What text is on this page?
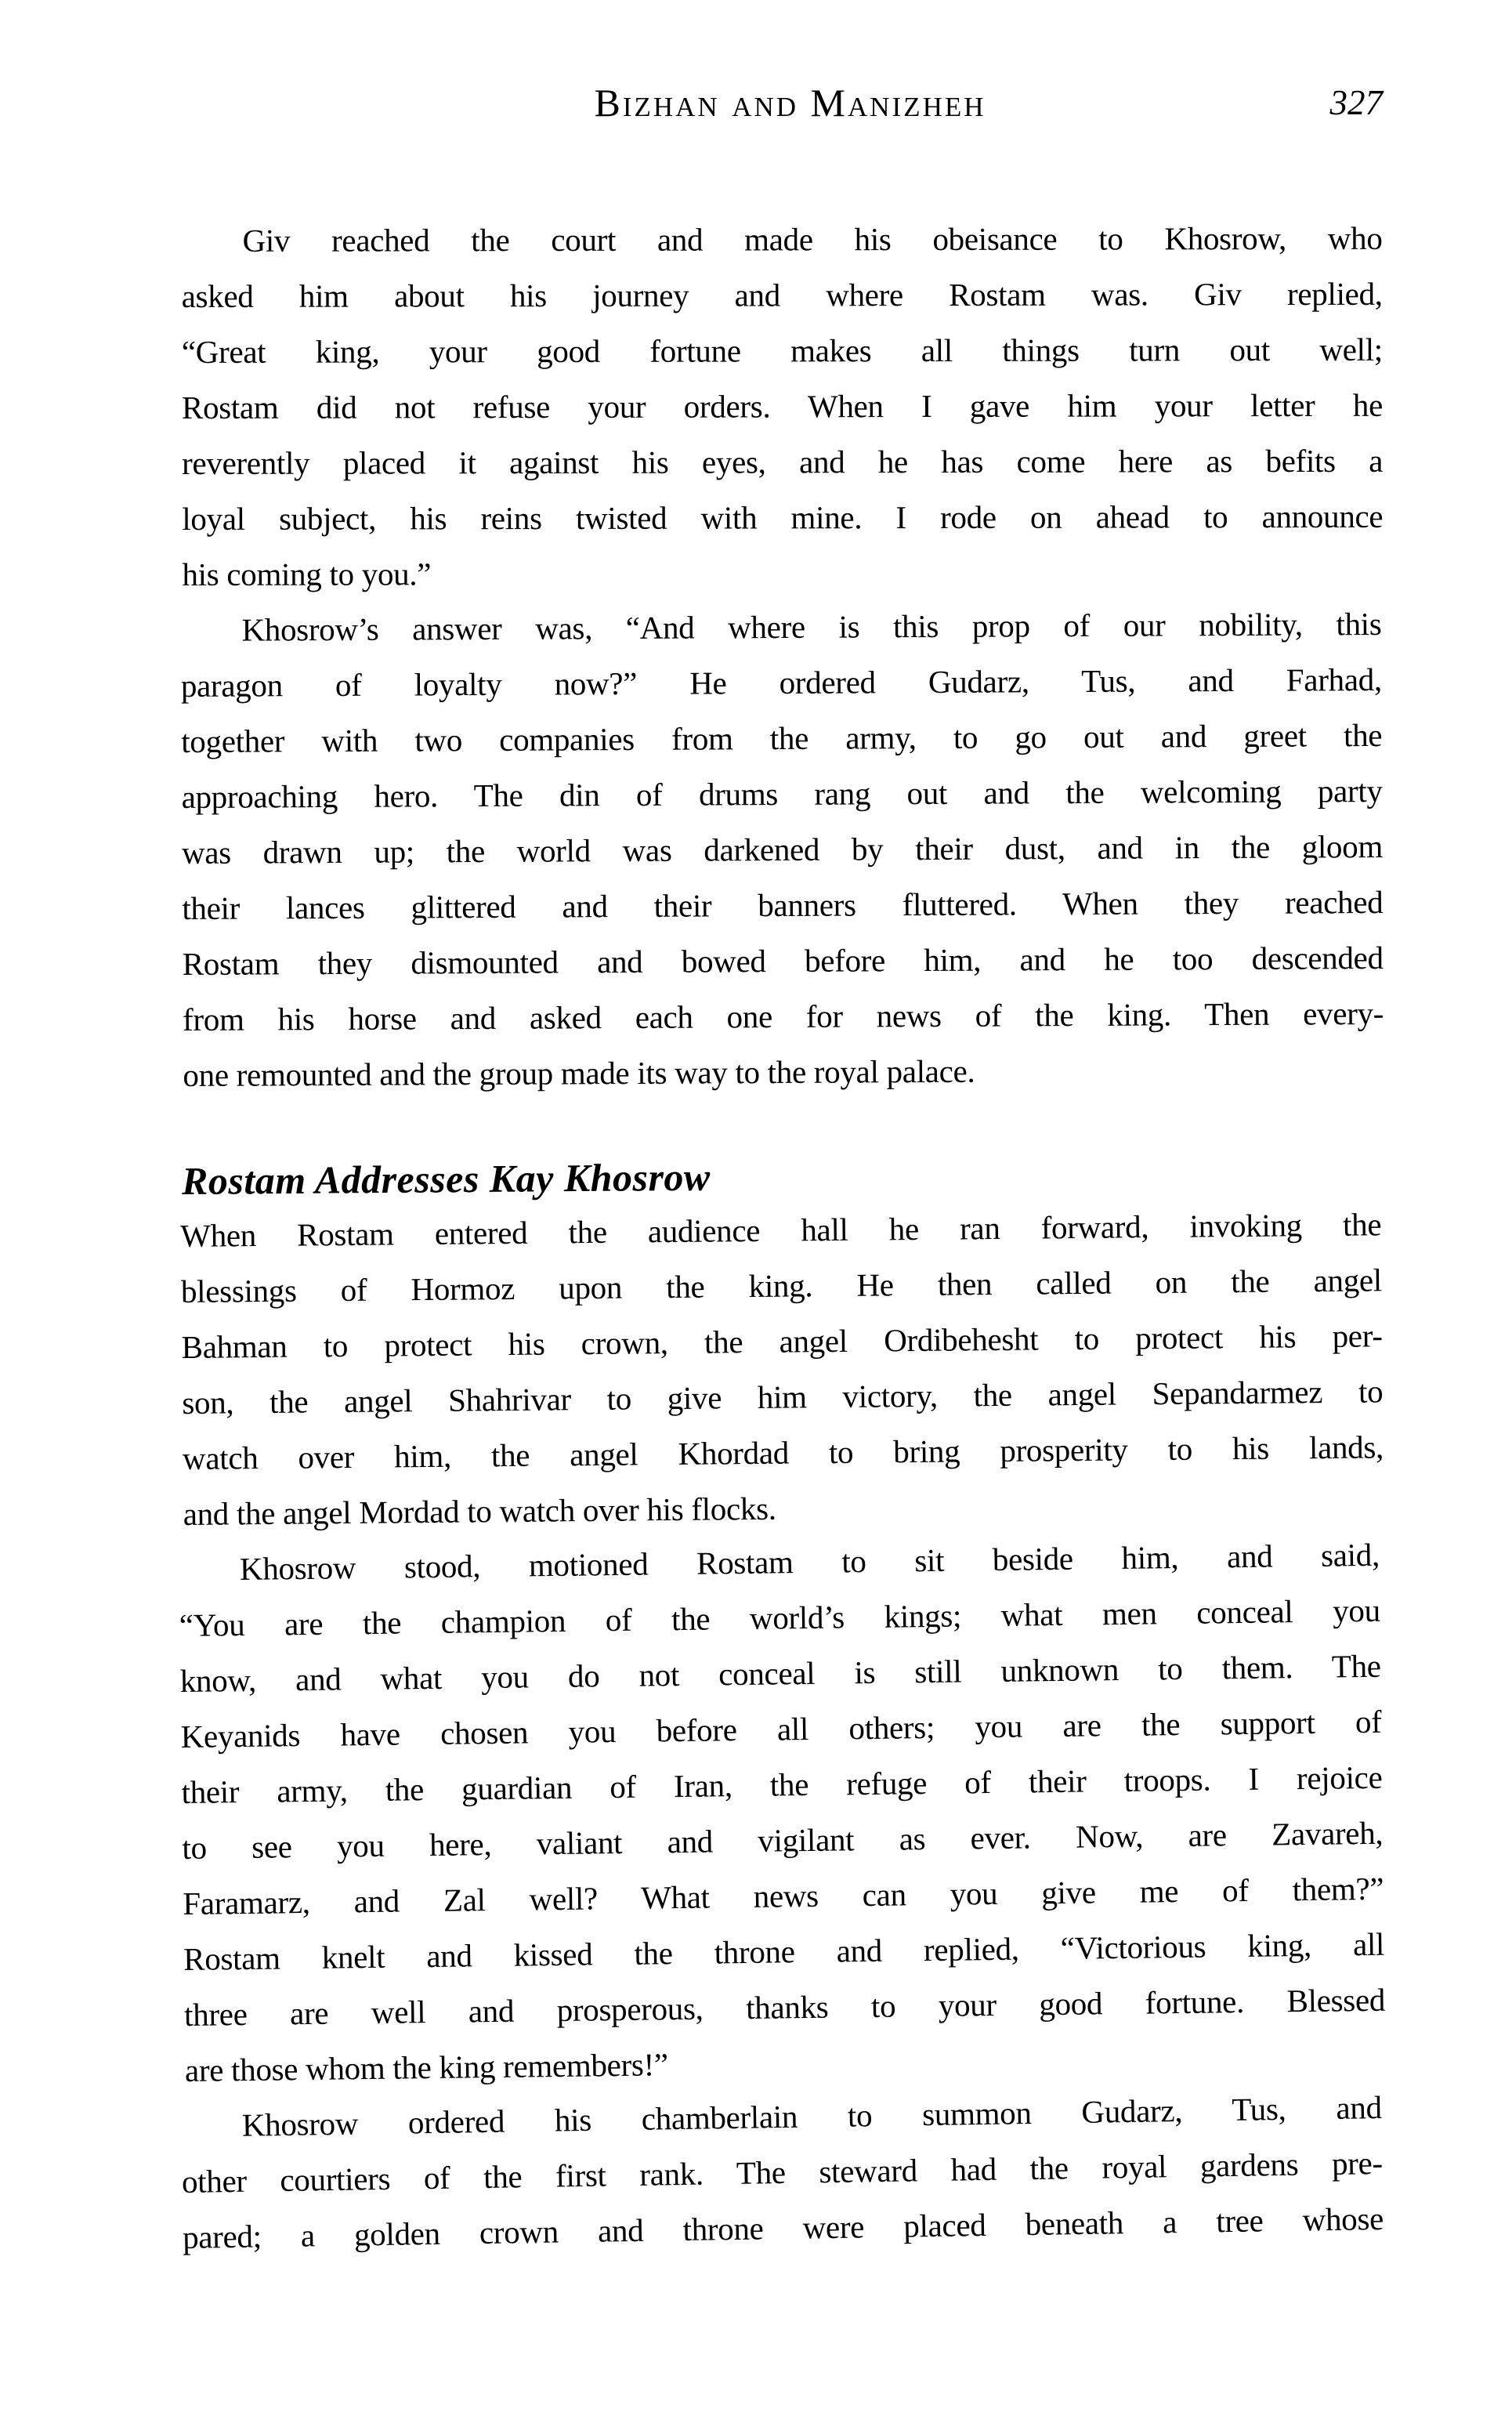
Bizhan and Manizheh	327
Giv reached the court and made his obeisance to Khosrow, who
asked him about his journey and where Rostam was. Giv replied,
“Great king, your good fortune makes all things turn out well;
Rostam did not refuse your orders. When I gave him your letter he
reverently placed it against his eyes, and he has come here as befits a
loyal subject, his reins twisted with mine. I rode on ahead to announce
his coming to you.”
Khosrow’s answer was, “And where is this prop of our nobility, this
paragon of loyalty now?” He ordered Gudarz, Tus, and Farhad,
together with two companies from the army, to go out and greet the
approaching hero. The din of drums rang out and the welcoming party
was drawn up; the world was darkened by their dust, and in the gloom
their lances glittered and their banners fluttered. When they reached
Rostam they dismounted and bowed before him, and he too descended
from his horse and asked each one for news of the king. Then every-
one remounted and the group made its way to the royal palace.
Rostam Addresses Kay Khosrow
When Rostam entered the audience hall he ran forward, invoking the
blessings of Hormoz upon the king. He then called on the angel
Bahman to protect his crown, the angel Ordibehesht to protect his per-
son, the angel Shahrivar to give him victory, the angel Sepandarmez to
watch over him, the angel Khordad to bring prosperity to his lands,
and the angel Mordad to watch over his flocks.
Khosrow stood, motioned Rostam to sit beside him, and said,
“You are the champion of the world’s kings; what men conceal you
know, and what you do not conceal is still unknown to them. The
Keyanids have chosen you before all others; you are the support of
their army, the guardian of Iran, the refuge of their troops. I rejoice
to see you here, valiant and vigilant as ever. Now, are Zavareh,
Faramarz, and Zal well? What news can you give me of them?”
Rostam knelt and kissed the throne and replied, “Victorious king, all
three are well and prosperous, thanks to your good fortune. Blessed
are those whom the king remembers!”
Khosrow ordered his chamberlain to summon Gudarz, Tus, and
other courtiers of the first rank. The steward had the royal gardens pre-
pared; a golden crown and throne were placed beneath a tree whose
